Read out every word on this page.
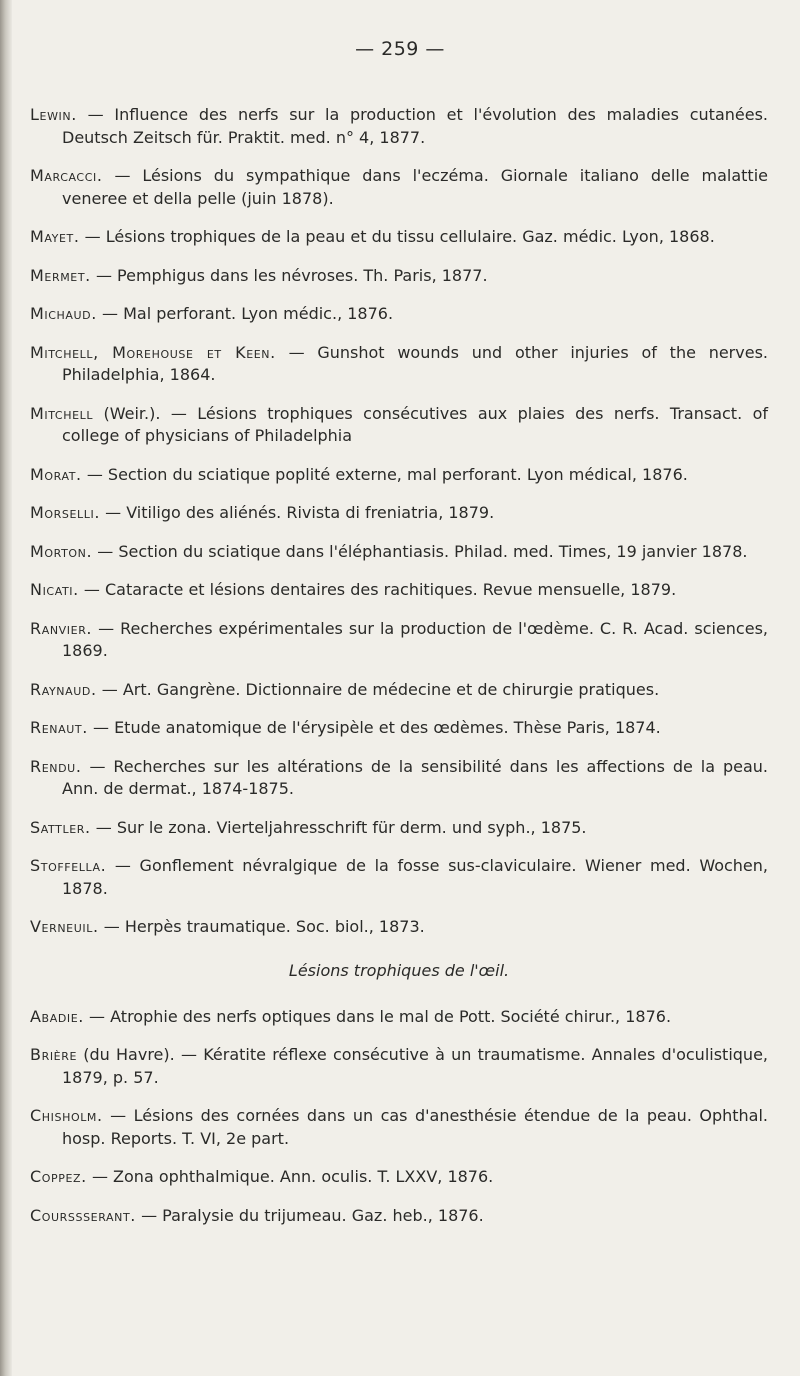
— 259 —

Lewin. — Influence des nerfs sur la production et l'évolution des maladies cutanées. Deutsch Zeitsch für. Praktit. med. n° 4, 1877.

Marcacci. — Lésions du sympathique dans l'eczéma. Giornale italiano delle malattie veneree et della pelle (juin 1878).

Mayet. — Lésions trophiques de la peau et du tissu cellulaire. Gaz. médic. Lyon, 1868.

Mermet. — Pemphigus dans les névroses. Th. Paris, 1877.

Michaud. — Mal perforant. Lyon médic., 1876.

Mitchell, Morehouse et Keen. — Gunshot wounds und other injuries of the nerves. Philadelphia, 1864.

Mitchell (Weir.). — Lésions trophiques consécutives aux plaies des nerfs. Transact. of college of physicians of Philadelphia

Morat. — Section du sciatique poplité externe, mal perforant. Lyon médical, 1876.

Morselli. — Vitiligo des aliénés. Rivista di freniatria, 1879.

Morton. — Section du sciatique dans l'éléphantiasis. Philad. med. Times, 19 janvier 1878.

Nicati. — Cataracte et lésions dentaires des rachitiques. Revue mensuelle, 1879.

Ranvier. — Recherches expérimentales sur la production de l'œdème. C. R. Acad. sciences, 1869.

Raynaud. — Art. Gangrène. Dictionnaire de médecine et de chirurgie pratiques.

Renaut. — Etude anatomique de l'érysipèle et des œdèmes. Thèse Paris, 1874.

Rendu. — Recherches sur les altérations de la sensibilité dans les affections de la peau. Ann. de dermat., 1874-1875.

Sattler. — Sur le zona. Vierteljahresschrift für derm. und syph., 1875.

Stoffella. — Gonflement névralgique de la fosse sus-claviculaire. Wiener med. Wochen, 1878.

Verneuil. — Herpès traumatique. Soc. biol., 1873.

Lésions trophiques de l'œil.

Abadie. — Atrophie des nerfs optiques dans le mal de Pott. Société chirur., 1876.

Brière (du Havre). — Kératite réflexe consécutive à un traumatisme. Annales d'oculistique, 1879, p. 57.

Chisholm. — Lésions des cornées dans un cas d'anesthésie étendue de la peau. Ophthal. hosp. Reports. T. VI, 2e part.

Coppez. — Zona ophthalmique. Ann. oculis. T. LXXV, 1876.

Courssserant. — Paralysie du trijumeau. Gaz. heb., 1876.
